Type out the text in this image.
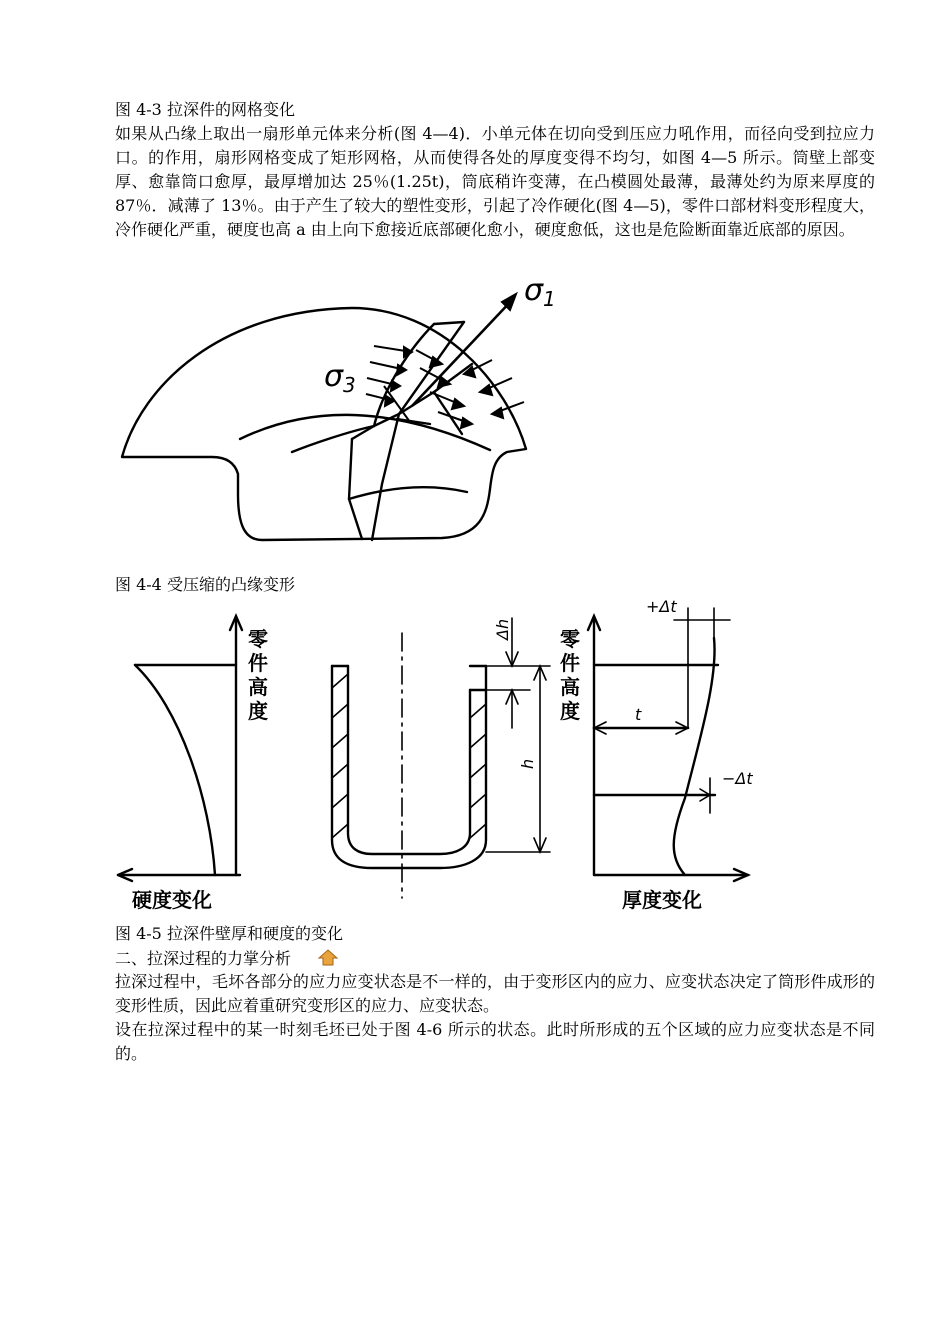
图 4-3 拉深件的网格变化
如果从凸缘上取出一扇形单元体来分析(图 4—4)．小单元体在切向受到压应力吼作用，而径向受到拉应力口。的作用，扇形网格变成了矩形网格，从而使得各处的厚度变得不均匀，如图 4—5 所示。筒壁上部变厚、愈靠筒口愈厚，最厚增加达 25％(1.25t)，筒底稍许变薄，在凸模圆处最薄，最薄处约为原来厚度的 87％．减薄了 13％。由于产生了较大的塑性变形，引起了冷作硬化(图 4—5)，零件口部材料变形程度大，冷作硬化严重，硬度也高 a 由上向下愈接近底部硬化愈小，硬度愈低，这也是危险断面靠近底部的原因。
$\sigma_1$
$\sigma_3$
图 4-4 受压缩的凸缘变形
零
件
高
度
零
件
高
度
硬度变化	厚度变化
Δh
h
+Δt
t
−Δt
图 4-5 拉深件壁厚和硬度的变化
二、拉深过程的力掌分析
拉深过程中，毛坏各部分的应力应变状态是不一样的，由于变形区内的应力、应变状态决定了筒形件成形的变形性质，因此应着重研究变形区的应力、应变状态。
设在拉深过程中的某一时刻毛坯已处于图 4-6 所示的状态。此时所形成的五个区域的应力应变状态是不同的。
